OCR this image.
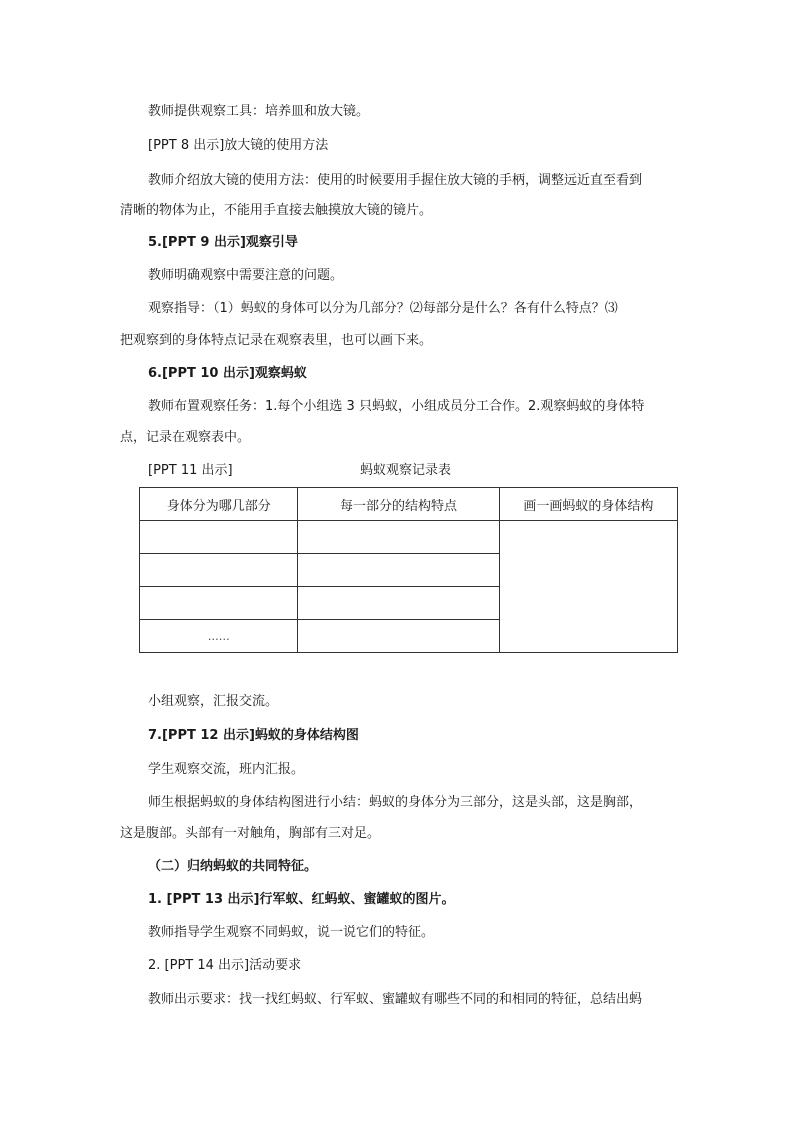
教师提供观察工具：培养皿和放大镜。
[PPT 8 出示]放大镜的使用方法
教师介绍放大镜的使用方法：使用的时候要用手握住放大镜的手柄，调整远近直至看到
清晰的物体为止，不能用手直接去触摸放大镜的镜片。
5.[PPT 9 出示]观察引导
教师明确观察中需要注意的问题。
观察指导：（1）蚂蚁的身体可以分为几部分？⑵每部分是什么？各有什么特点？⑶
把观察到的身体特点记录在观察表里，也可以画下来。
6.[PPT 10 出示]观察蚂蚁
教师布置观察任务：1.每个小组选 3 只蚂蚁，小组成员分工合作。2.观察蚂蚁的身体特
点，记录在观察表中。
[PPT 11 出示]	蚂蚁观察记录表
身体分为哪几部分	每一部分的结构特点	画一画蚂蚁的身体结构

……		
小组观察，汇报交流。
7.[PPT 12 出示]蚂蚁的身体结构图
学生观察交流，班内汇报。
师生根据蚂蚁的身体结构图进行小结：蚂蚁的身体分为三部分，这是头部，这是胸部，
这是腹部。头部有一对触角，胸部有三对足。
（二）归纳蚂蚁的共同特征。
1. [PPT 13 出示]行军蚁、红蚂蚁、蜜罐蚁的图片。
教师指导学生观察不同蚂蚁，说一说它们的特征。
2. [PPT 14 出示]活动要求
教师出示要求：找一找红蚂蚁、行军蚁、蜜罐蚁有哪些不同的和相同的特征，总结出蚂
